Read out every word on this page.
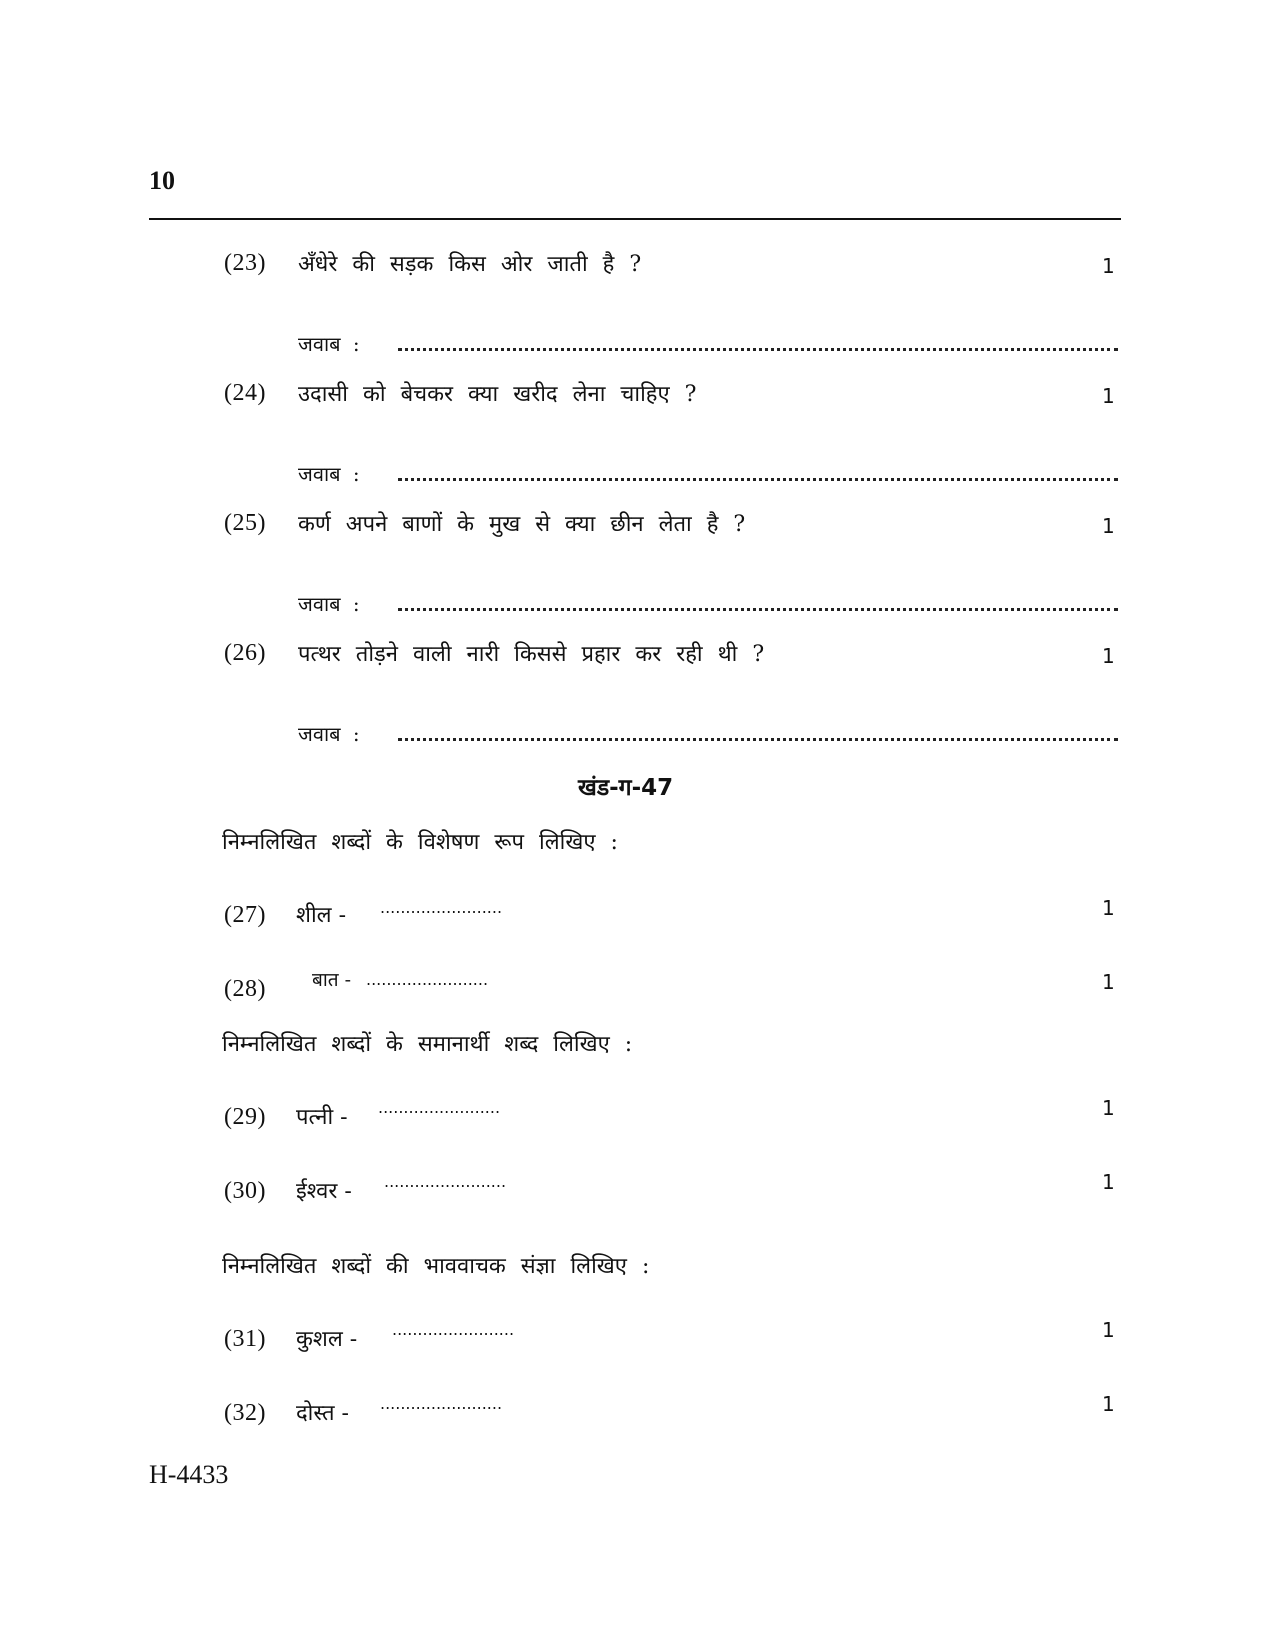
10
(23) अँधेरे की सड़क किस ओर जाती है ?	1
जवाब :
(24) उदासी को बेचकर क्या खरीद लेना चाहिए ?	1
जवाब :
(25) कर्ण अपने बाणों के मुख से क्या छीन लेता है ?	1
जवाब :
(26) पत्थर तोड़ने वाली नारी किससे प्रहार कर रही थी ?	1
जवाब :
खंड-ग-47
निम्नलिखित शब्दों के विशेषण रूप लिखिए :
(27) शील - ........................	1
(28) बात - ........................	1
निम्नलिखित शब्दों के समानार्थी शब्द लिखिए :
(29) पत्नी - ........................	1
(30) ईश्वर - ........................	1
निम्नलिखित शब्दों की भाववाचक संज्ञा लिखिए :
(31) कुशल - ........................	1
(32) दोस्त - ........................	1
H-4433
